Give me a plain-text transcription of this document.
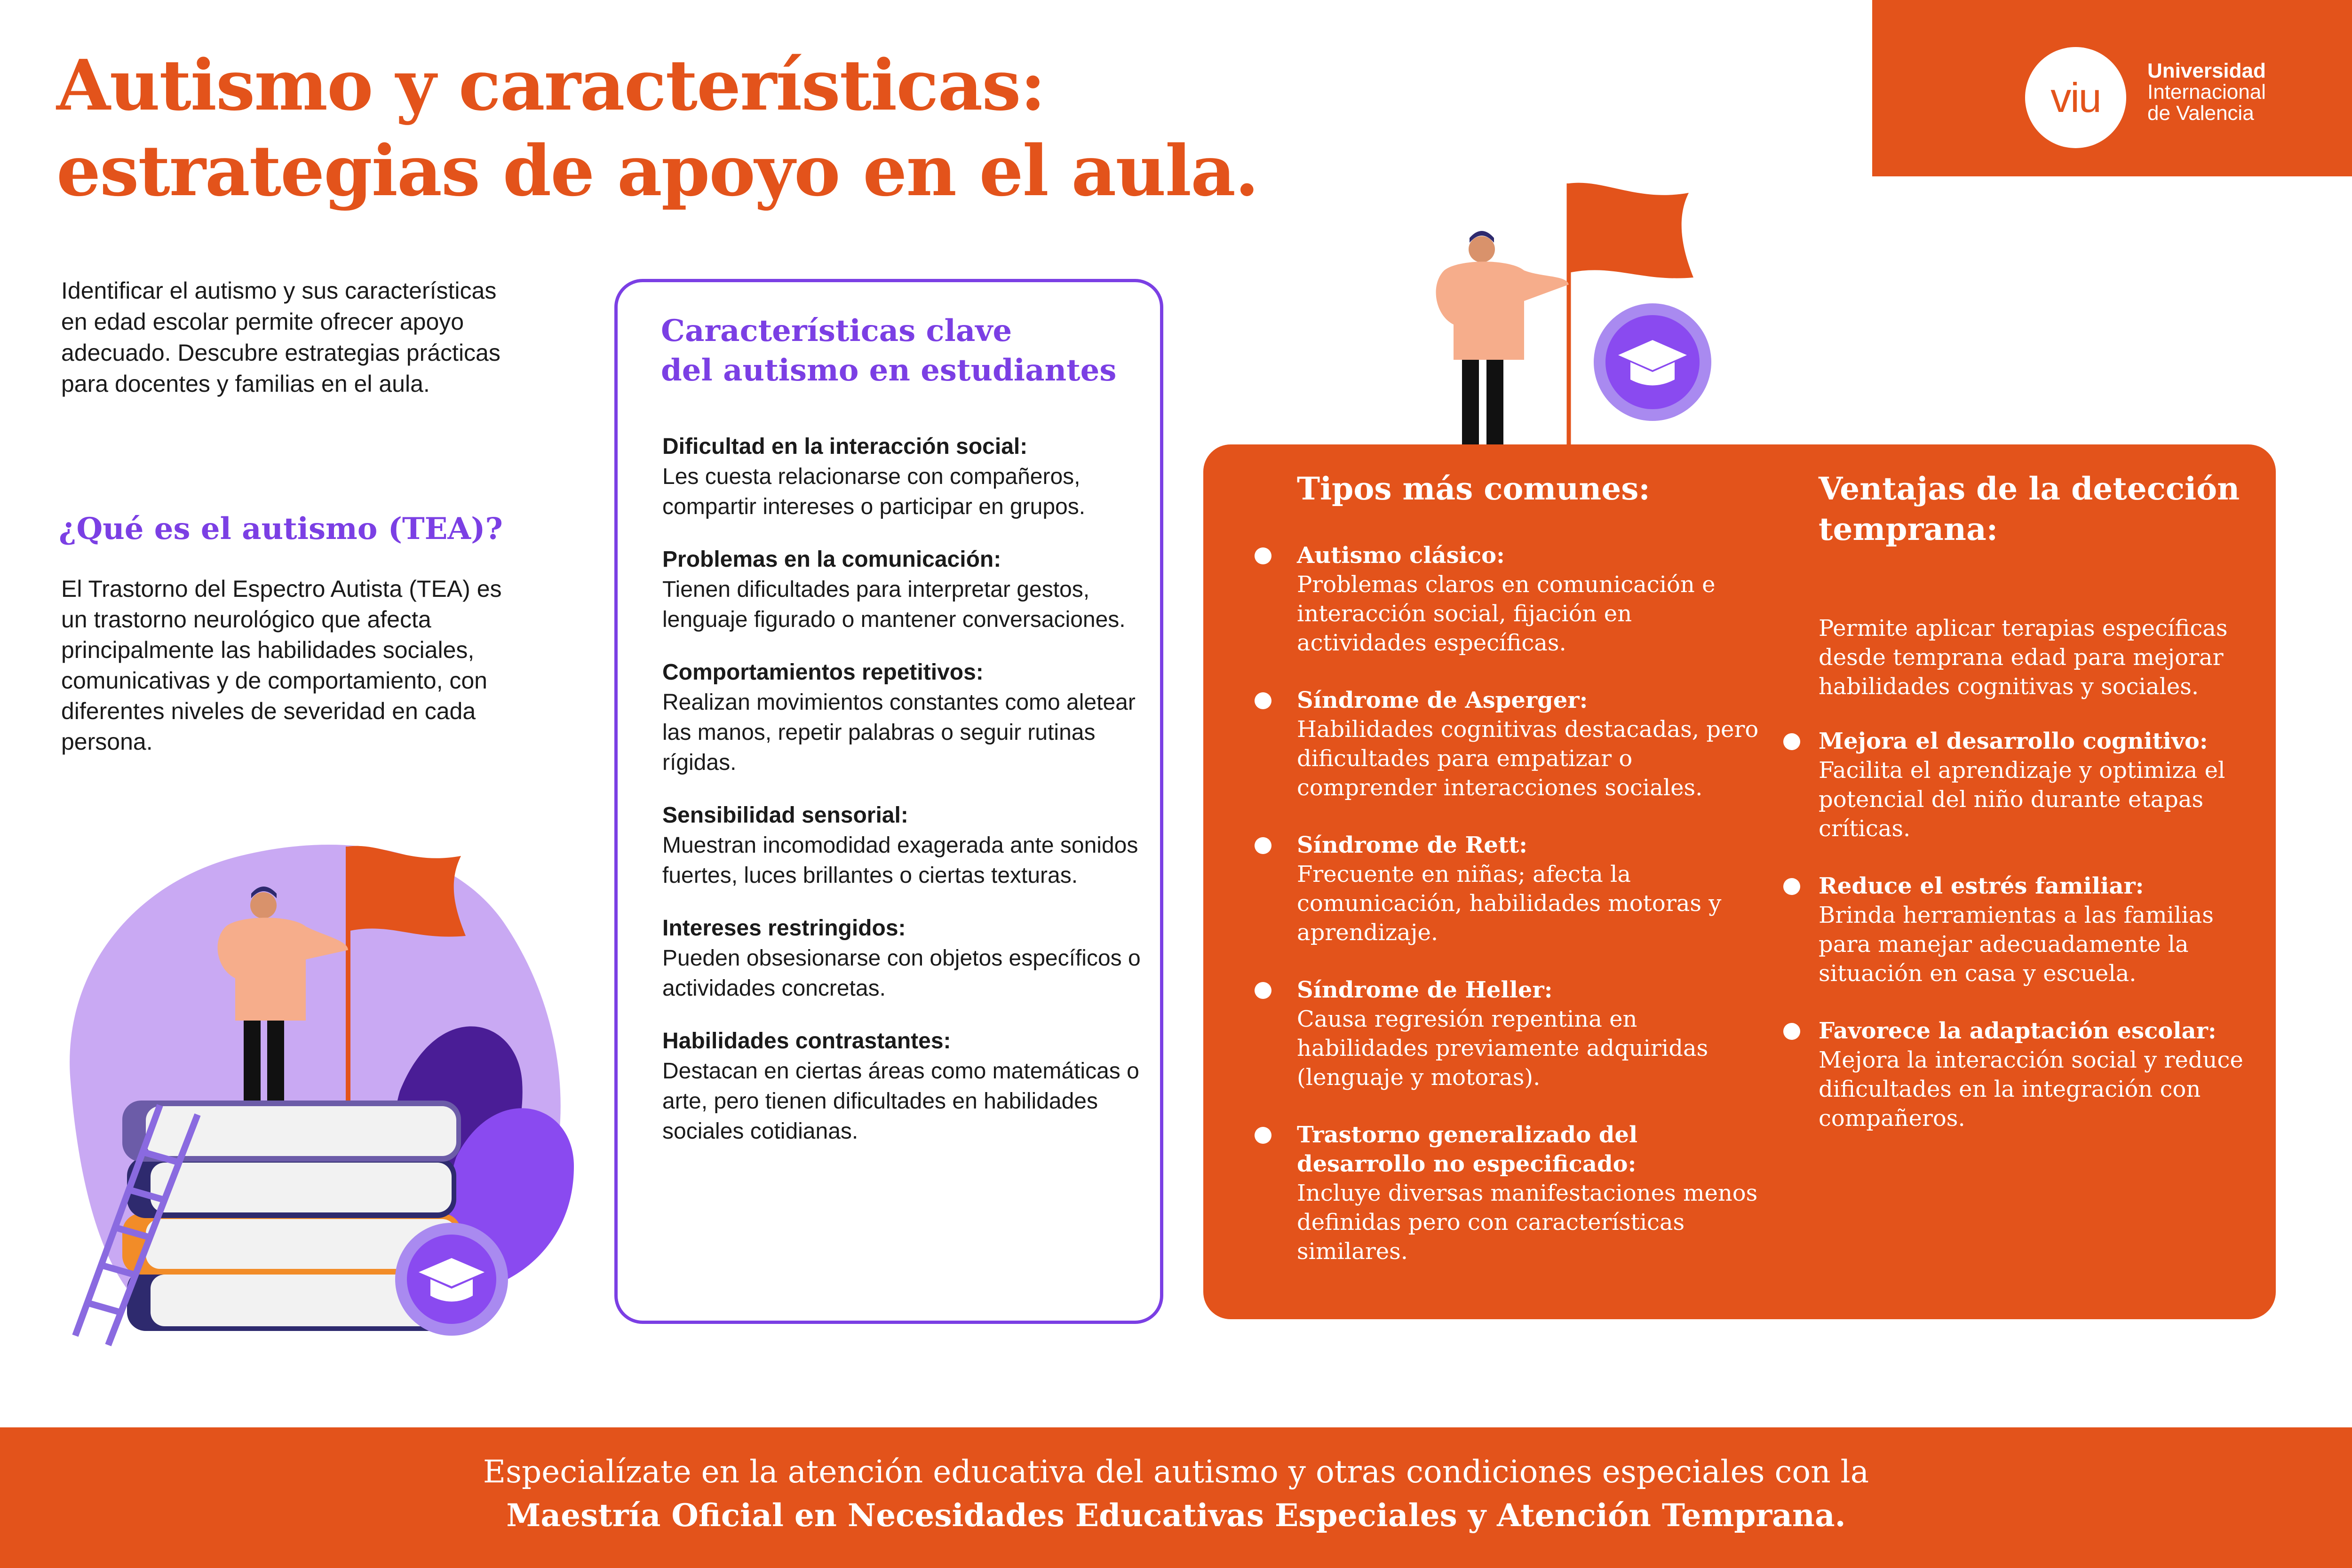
Autismo y características:
estrategias de apoyo en el aula.
viu
Universidad
Internacional
de Valencia

Identificar el autismo y sus características en edad escolar permite ofrecer apoyo adecuado. Descubre estrategias prácticas para docentes y familias en el aula.

¿Qué es el autismo (TEA)?

El Trastorno del Espectro Autista (TEA) es un trastorno neurológico que afecta principalmente las habilidades sociales, comunicativas y de comportamiento, con diferentes niveles de severidad en cada persona.

Características clave
del autismo en estudiantes
Dificultad en la interacción social:
Les cuesta relacionarse con compañeros, compartir intereses o participar en grupos.
Problemas en la comunicación:
Tienen dificultades para interpretar gestos, lenguaje figurado o mantener conversaciones.
Comportamientos repetitivos:
Realizan movimientos constantes como aletear las manos, repetir palabras o seguir rutinas rígidas.
Sensibilidad sensorial:
Muestran incomodidad exagerada ante sonidos fuertes, luces brillantes o ciertas texturas.
Intereses restringidos:
Pueden obsesionarse con objetos específicos o actividades concretas.
Habilidades contrastantes:
Destacan en ciertas áreas como matemáticas o arte, pero tienen dificultades en habilidades sociales cotidianas.
Tipos más comunes:	Ventajas de la detección temprana:
Autismo clásico:
Problemas claros en comunicación e interacción social, fijación en actividades específicas.
Síndrome de Asperger:
Habilidades cognitivas destacadas, pero dificultades para empatizar o comprender interacciones sociales.
Síndrome de Rett:
Frecuente en niñas; afecta la comunicación, habilidades motoras y aprendizaje.
Síndrome de Heller:
Causa regresión repentina en habilidades previamente adquiridas (lenguaje y motoras).
Trastorno generalizado del desarrollo no especificado:
Incluye diversas manifestaciones menos definidas pero con características similares.

Permite aplicar terapias específicas desde temprana edad para mejorar habilidades cognitivas y sociales.

Mejora el desarrollo cognitivo:
Facilita el aprendizaje y optimiza el potencial del niño durante etapas críticas.
Reduce el estrés familiar:
Brinda herramientas a las familias para manejar adecuadamente la situación en casa y escuela.
Favorece la adaptación escolar:
Mejora la interacción social y reduce dificultades en la integración con compañeros.
Especialízate en la atención educativa del autismo y otras condiciones especiales con la
Maestría Oficial en Necesidades Educativas Especiales y Atención Temprana.
